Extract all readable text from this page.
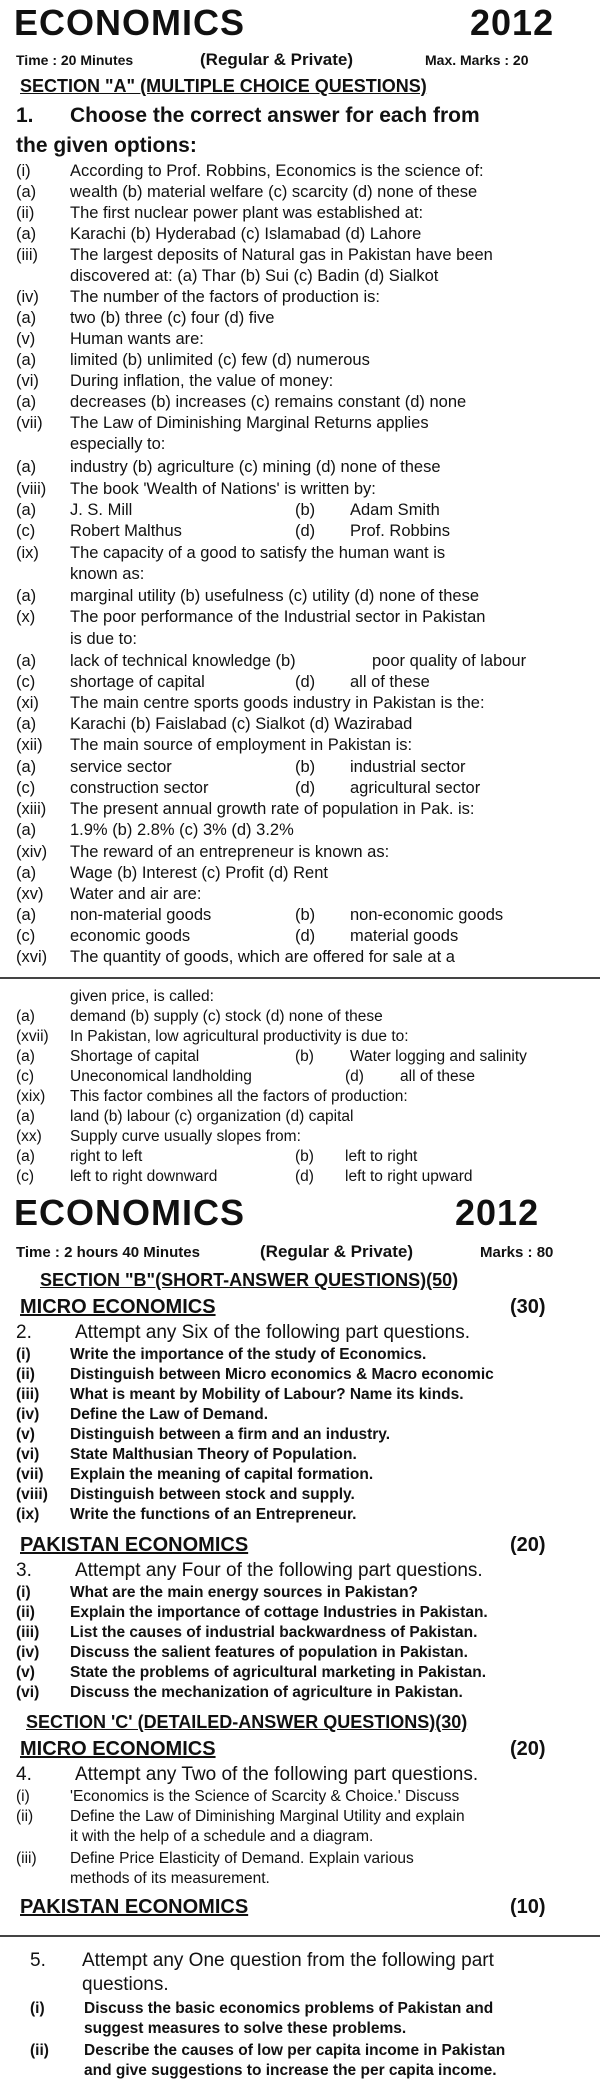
ECONOMICS	2012
Time : 20 Minutes	(Regular & Private)	Max. Marks : 20
SECTION "A" (MULTIPLE CHOICE QUESTIONS)
1. Choose the correct answer for each from
the given options:
(i) According to Prof. Robbins, Economics is the science of:
(a) wealth (b) material welfare (c) scarcity (d) none of these
(ii) The first nuclear power plant was established at:
(a) Karachi (b) Hyderabad (c) Islamabad (d) Lahore
(iii) The largest deposits of Natural gas in Pakistan have been
discovered at: (a) Thar (b) Sui (c) Badin (d) Sialkot
(iv) The number of the factors of production is:
(a) two (b) three (c) four (d) five
(v) Human wants are:
(a) limited (b) unlimited (c) few (d) numerous
(vi) During inflation, the value of money:
(a) decreases (b) increases (c) remains constant (d) none
(vii) The Law of Diminishing Marginal Returns applies
especially to:
(a) industry (b) agriculture (c) mining (d) none of these
(viii) The book 'Wealth of Nations' is written by:
(a) J. S. Mill	(b) Adam Smith
(c) Robert Malthus	(d) Prof. Robbins
(ix) The capacity of a good to satisfy the human want is
known as:
(a) marginal utility (b) usefulness (c) utility (d) none of these
(x) The poor performance of the Industrial sector in Pakistan
is due to:
(a) lack of technical knowledge (b)	poor quality of labour
(c) shortage of capital	(d) all of these
(xi) The main centre sports goods industry in Pakistan is the:
(a) Karachi (b) Faislabad (c) Sialkot (d) Wazirabad
(xii) The main source of employment in Pakistan is:
(a) service sector	(b) industrial sector
(c) construction sector	(d) agricultural sector
(xiii) The present annual growth rate of population in Pak. is:
(a) 1.9% (b) 2.8% (c) 3% (d) 3.2%
(xiv) The reward of an entrepreneur is known as:
(a) Wage (b) Interest (c) Profit (d) Rent
(xv) Water and air are:
(a) non-material goods	(b) non-economic goods
(c) economic goods	(d) material goods
(xvi) The quantity of goods, which are offered for sale at a
given price, is called:
(a) demand (b) supply (c) stock (d) none of these
(xvii) In Pakistan, low agricultural productivity is due to:
(a) Shortage of capital	(b) Water logging and salinity
(c) Uneconomical landholding	(d) all of these
(xix) This factor combines all the factors of production:
(a) land (b) labour (c) organization (d) capital
(xx) Supply curve usually slopes from:
(a) right to left	(b) left to right
(c) left to right downward	(d) left to right upward
ECONOMICS	2012
Time : 2 hours 40 Minutes	(Regular & Private)	Marks : 80
SECTION "B"(SHORT-ANSWER QUESTIONS)(50)
MICRO ECONOMICS	(30)
2. Attempt any Six of the following part questions.
(i)	Write the importance of the study of Economics.
(ii) Distinguish between Micro economics & Macro economic
(iii) What is meant by Mobility of Labour? Name its kinds.
(iv) Define the Law of Demand.
(v) Distinguish between a firm and an industry.
(vi) State Malthusian Theory of Population.
(vii) Explain the meaning of capital formation.
(viii) Distinguish between stock and supply.
(ix) Write the functions of an Entrepreneur.
PAKISTAN ECONOMICS	(20)
3. Attempt any Four of the following part questions.
(i)	What are the main energy sources in Pakistan?
(ii) Explain the importance of cottage Industries in Pakistan.
(iii) List the causes of industrial backwardness of Pakistan.
(iv) Discuss the salient features of population in Pakistan.
(v) State the problems of agricultural marketing in Pakistan.
(vi) Discuss the mechanization of agriculture in Pakistan.
SECTION 'C' (DETAILED-ANSWER QUESTIONS)(30)
MICRO ECONOMICS	(20)
4. Attempt any Two of the following part questions.
(i)	'Economics is the Science of Scarcity & Choice.' Discuss
(ii) Define the Law of Diminishing Marginal Utility and explain
it with the help of a schedule and a diagram.
(iii) Define Price Elasticity of Demand. Explain various
methods of its measurement.
PAKISTAN ECONOMICS	(10)
5. Attempt any One question from the following part
questions.
(i)	Discuss the basic economics problems of Pakistan and
suggest measures to solve these problems.
(ii) Describe the causes of low per capita income in Pakistan
and give suggestions to increase the per capita income.
